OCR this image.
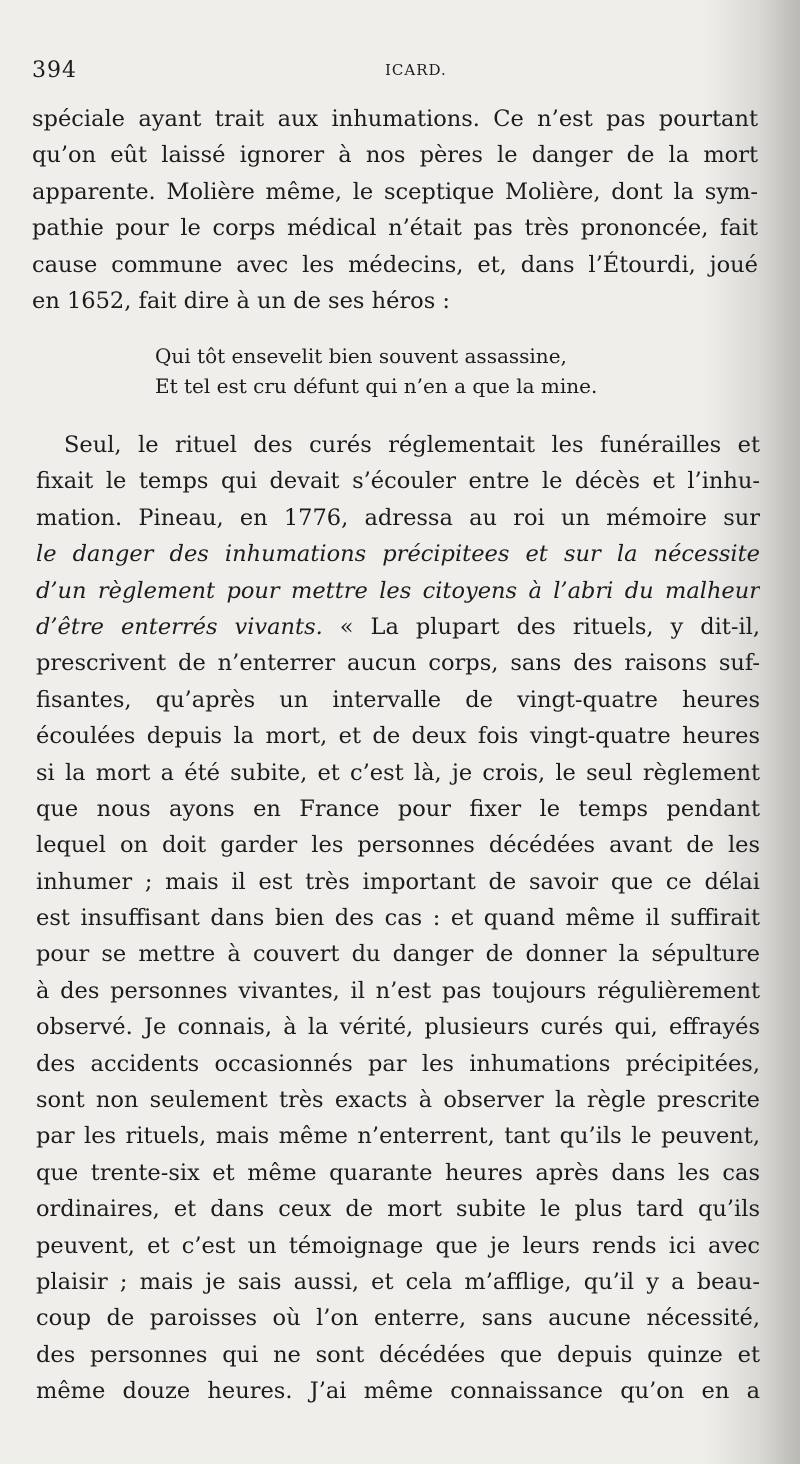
394	ICARD.
spéciale ayant trait aux inhumations. Ce n’est pas pourtant
qu’on eût laissé ignorer à nos pères le danger de la mort
apparente. Molière même, le sceptique Molière, dont la sym-
pathie pour le corps médical n’était pas très prononcée, fait
cause commune avec les médecins, et, dans l’Étourdi, joué
en 1652, fait dire à un de ses héros :
Qui tôt ensevelit bien souvent assassine,
Et tel est cru défunt qui n’en a que la mine.
Seul, le rituel des curés réglementait les funérailles et
fixait le temps qui devait s’écouler entre le décès et l’inhu-
mation. Pineau, en 1776, adressa au roi un mémoire sur
le danger des inhumations précipitees et sur la nécessite
d’un règlement pour mettre les citoyens à l’abri du malheur
d’être enterrés vivants. « La plupart des rituels, y dit-il,
prescrivent de n’enterrer aucun corps, sans des raisons suf-
fisantes, qu’après un intervalle de vingt-quatre heures
écoulées depuis la mort, et de deux fois vingt-quatre heures
si la mort a été subite, et c’est là, je crois, le seul règlement
que nous ayons en France pour fixer le temps pendant
lequel on doit garder les personnes décédées avant de les
inhumer ; mais il est très important de savoir que ce délai
est insuffisant dans bien des cas : et quand même il suffirait
pour se mettre à couvert du danger de donner la sépulture
à des personnes vivantes, il n’est pas toujours régulièrement
observé. Je connais, à la vérité, plusieurs curés qui, effrayés
des accidents occasionnés par les inhumations précipitées,
sont non seulement très exacts à observer la règle prescrite
par les rituels, mais même n’enterrent, tant qu’ils le peuvent,
que trente-six et même quarante heures après dans les cas
ordinaires, et dans ceux de mort subite le plus tard qu’ils
peuvent, et c’est un témoignage que je leurs rends ici avec
plaisir ; mais je sais aussi, et cela m’afflige, qu’il y a beau-
coup de paroisses où l’on enterre, sans aucune nécessité,
des personnes qui ne sont décédées que depuis quinze et
même douze heures. J’ai même connaissance qu’on en a
